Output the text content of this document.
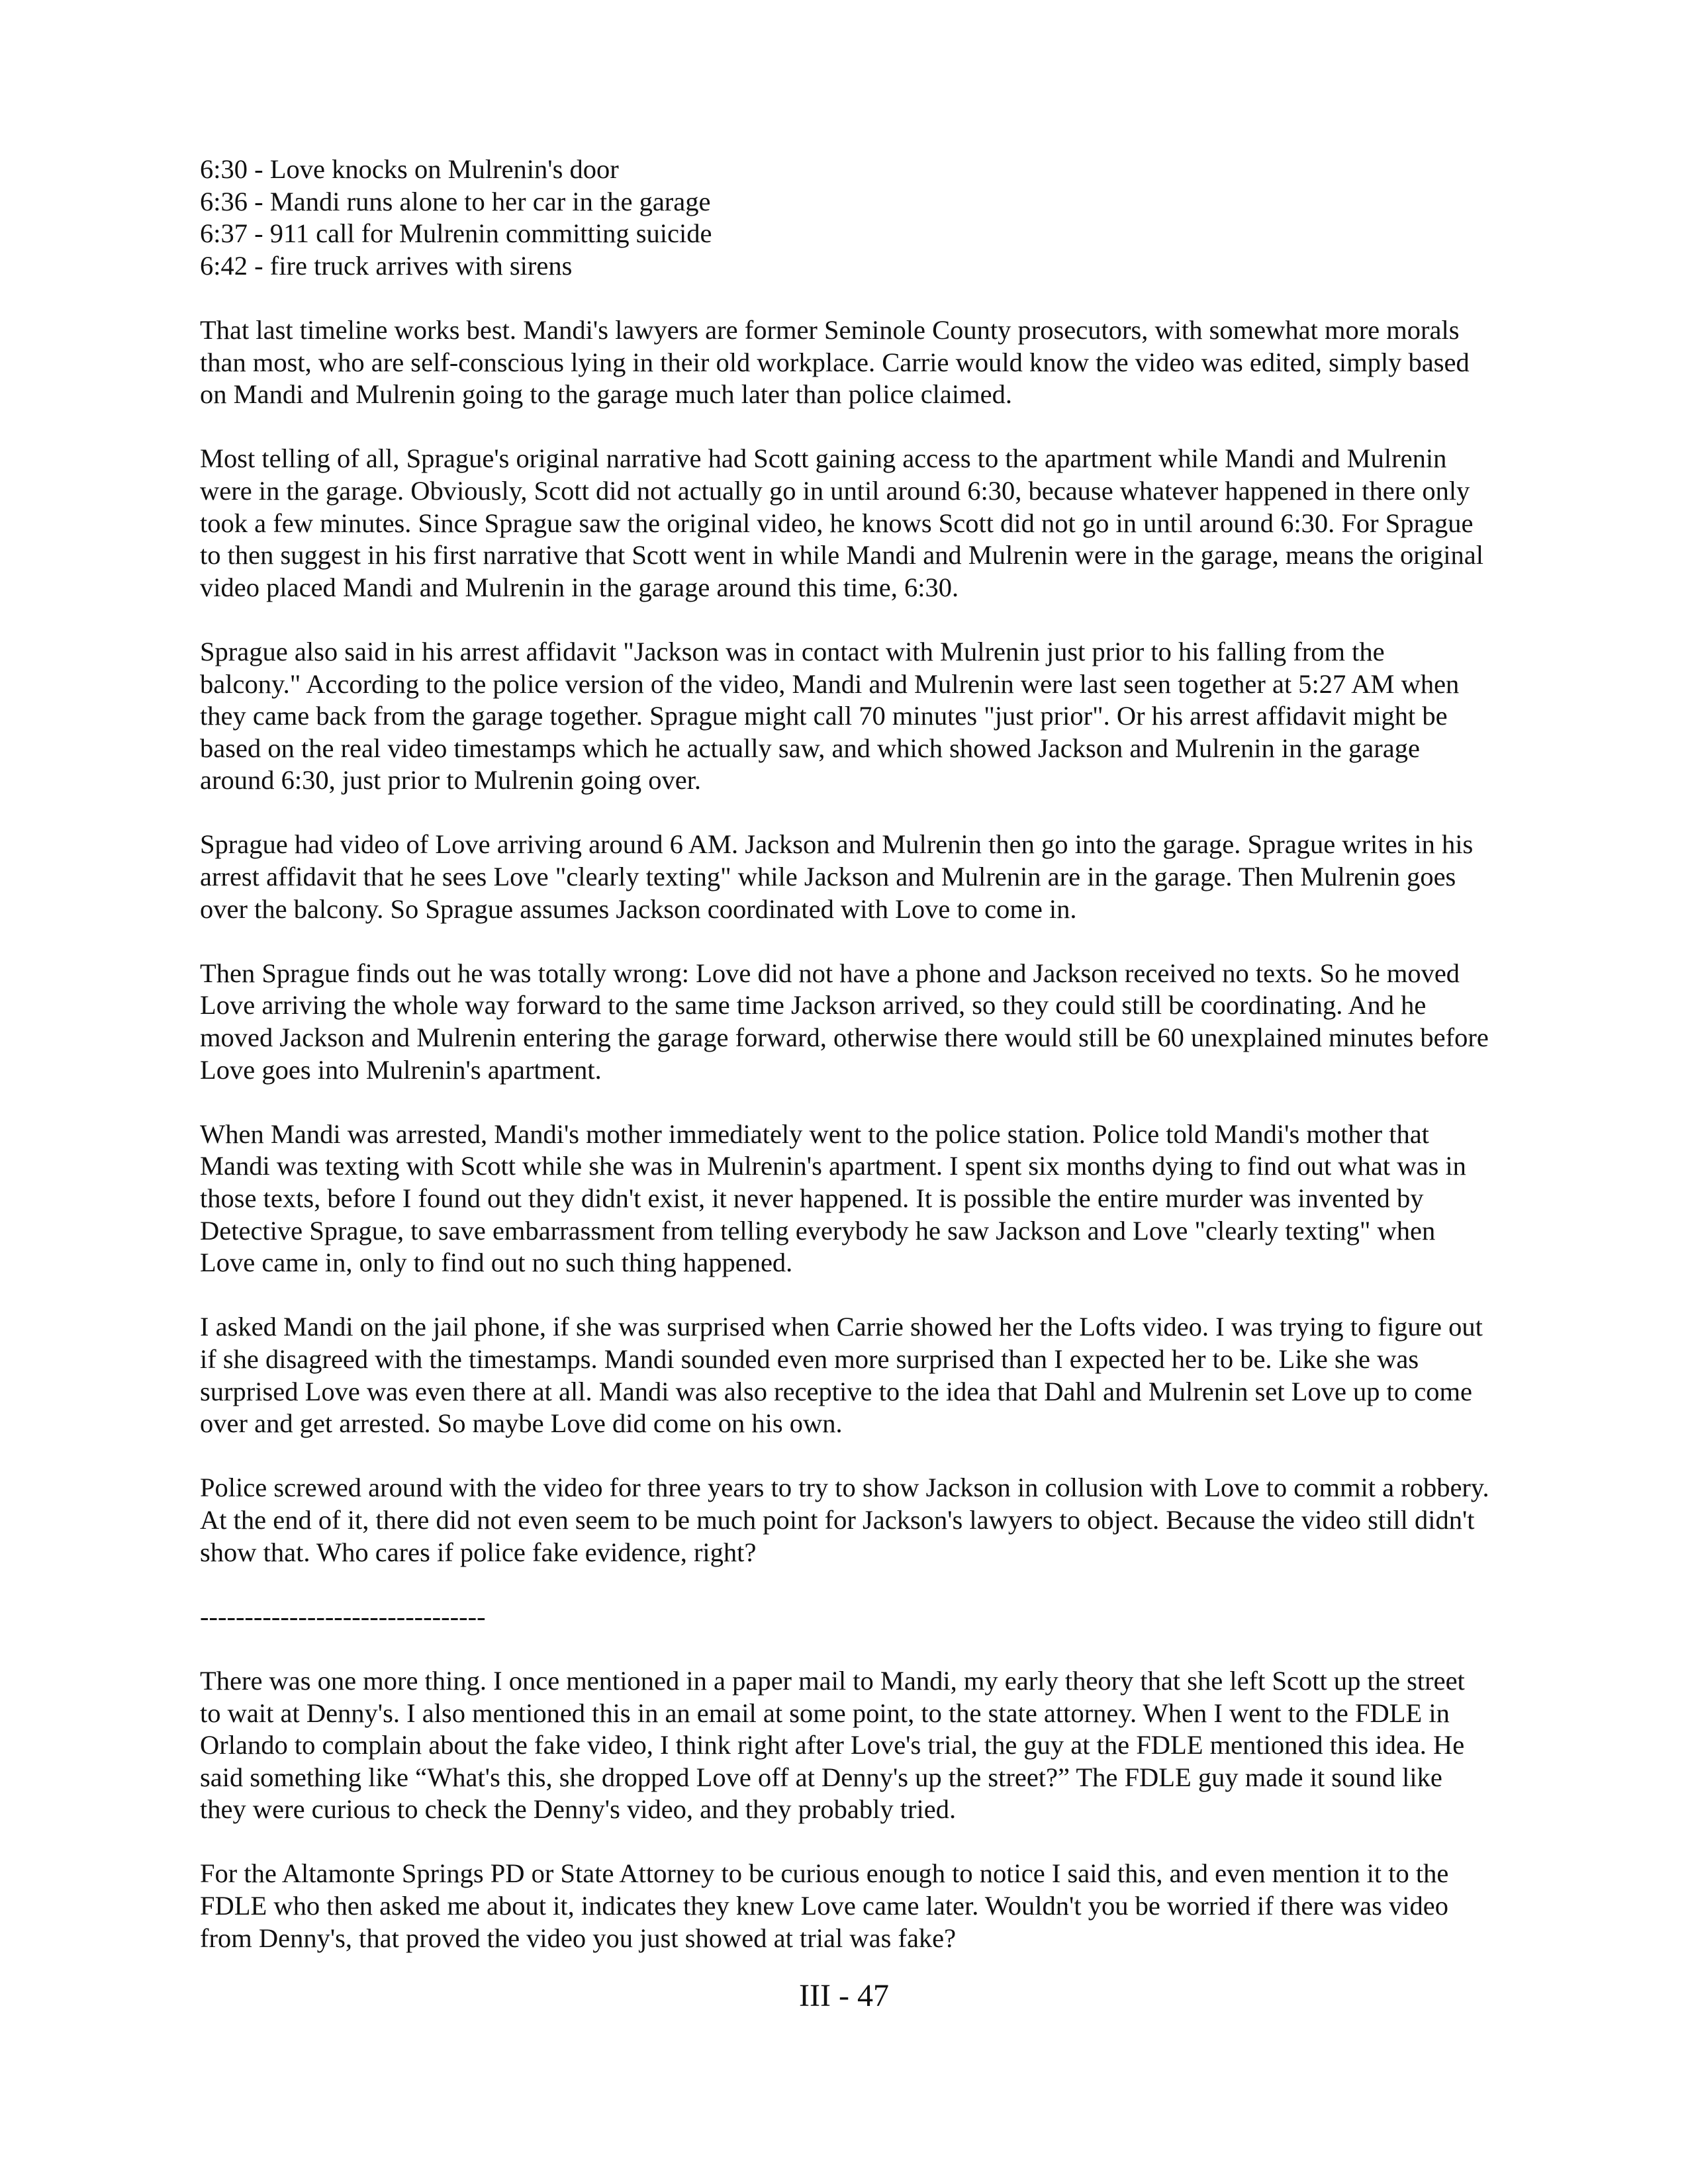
6:30 - Love knocks on Mulrenin's door
6:36 - Mandi runs alone to her car in the garage
6:37 - 911 call for Mulrenin committing suicide
6:42 - fire truck arrives with sirens

That last timeline works best. Mandi's lawyers are former Seminole County prosecutors, with somewhat more morals than most, who are self-conscious lying in their old workplace. Carrie would know the video was edited, simply based on Mandi and Mulrenin going to the garage much later than police claimed.

Most telling of all, Sprague's original narrative had Scott gaining access to the apartment while Mandi and Mulrenin were in the garage. Obviously, Scott did not actually go in until around 6:30, because whatever happened in there only took a few minutes. Since Sprague saw the original video, he knows Scott did not go in until around 6:30. For Sprague to then suggest in his first narrative that Scott went in while Mandi and Mulrenin were in the garage, means the original video placed Mandi and Mulrenin in the garage around this time, 6:30.

Sprague also said in his arrest affidavit "Jackson was in contact with Mulrenin just prior to his falling from the balcony." According to the police version of the video, Mandi and Mulrenin were last seen together at 5:27 AM when they came back from the garage together. Sprague might call 70 minutes "just prior". Or his arrest affidavit might be based on the real video timestamps which he actually saw, and which showed Jackson and Mulrenin in the garage around 6:30, just prior to Mulrenin going over.

Sprague had video of Love arriving around 6 AM. Jackson and Mulrenin then go into the garage. Sprague writes in his arrest affidavit that he sees Love "clearly texting" while Jackson and Mulrenin are in the garage. Then Mulrenin goes over the balcony. So Sprague assumes Jackson coordinated with Love to come in.

Then Sprague finds out he was totally wrong: Love did not have a phone and Jackson received no texts. So he moved Love arriving the whole way forward to the same time Jackson arrived, so they could still be coordinating. And he moved Jackson and Mulrenin entering the garage forward, otherwise there would still be 60 unexplained minutes before Love goes into Mulrenin's apartment.

When Mandi was arrested, Mandi's mother immediately went to the police station. Police told Mandi's mother that Mandi was texting with Scott while she was in Mulrenin's apartment. I spent six months dying to find out what was in those texts, before I found out they didn't exist, it never happened. It is possible the entire murder was invented by Detective Sprague, to save embarrassment from telling everybody he saw Jackson and Love "clearly texting" when Love came in, only to find out no such thing happened.

I asked Mandi on the jail phone, if she was surprised when Carrie showed her the Lofts video. I was trying to figure out if she disagreed with the timestamps. Mandi sounded even more surprised than I expected her to be. Like she was surprised Love was even there at all. Mandi was also receptive to the idea that Dahl and Mulrenin set Love up to come over and get arrested. So maybe Love did come on his own.

Police screwed around with the video for three years to try to show Jackson in collusion with Love to commit a robbery. At the end of it, there did not even seem to be much point for Jackson's lawyers to object. Because the video still didn't show that. Who cares if police fake evidence, right?

--------------------------------

There was one more thing. I once mentioned in a paper mail to Mandi, my early theory that she left Scott up the street to wait at Denny's. I also mentioned this in an email at some point, to the state attorney. When I went to the FDLE in Orlando to complain about the fake video, I think right after Love's trial, the guy at the FDLE mentioned this idea. He said something like “What's this, she dropped Love off at Denny's up the street?” The FDLE guy made it sound like they were curious to check the Denny's video, and they probably tried.

For the Altamonte Springs PD or State Attorney to be curious enough to notice I said this, and even mention it to the FDLE who then asked me about it, indicates they knew Love came later. Wouldn't you be worried if there was video from Denny's, that proved the video you just showed at trial was fake?

III - 47
